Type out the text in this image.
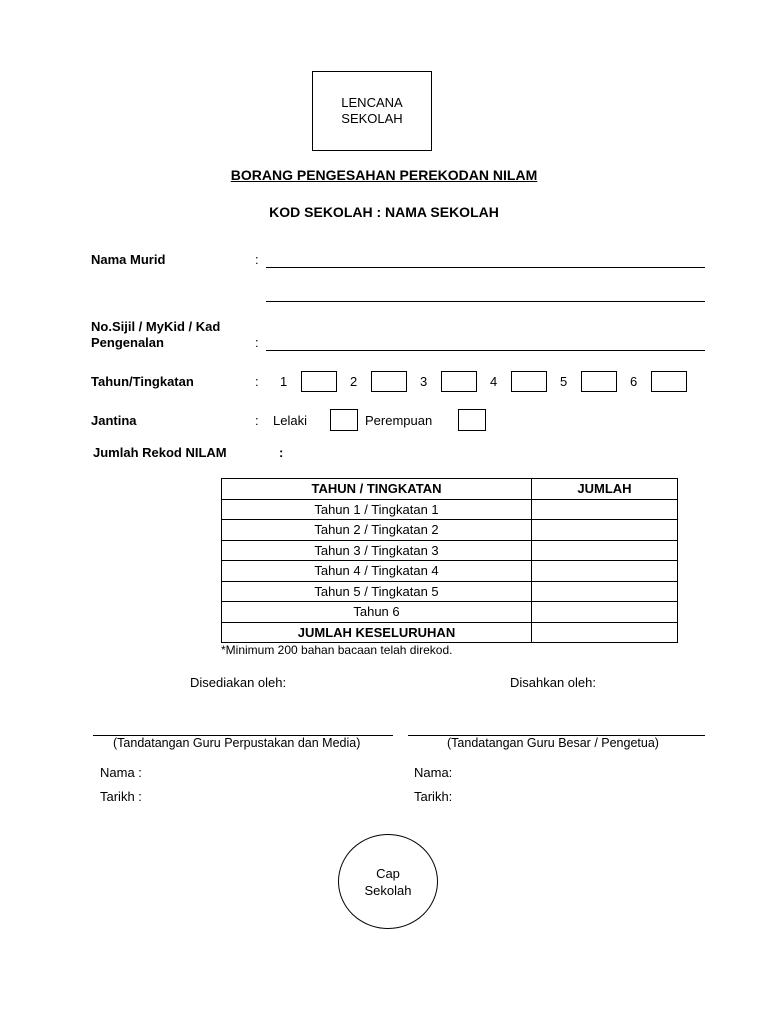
LENCANA
SEKOLAH
BORANG PENGESAHAN PEREKODAN NILAM
KOD SEKOLAH : NAMA SEKOLAH
Nama Murid	:
No.Sijil / MyKid / Kad
Pengenalan	:
Tahun/Tingkatan	: 1	2	3	4	5	6
Jantina	: Lelaki	Perempuan
Jumlah Rekod NILAM	:
TAHUN / TINGKATAN	JUMLAH
Tahun 1 / Tingkatan 1	
Tahun 2 / Tingkatan 2	
Tahun 3 / Tingkatan 3	
Tahun 4 / Tingkatan 4	
Tahun 5 / Tingkatan 5	
Tahun 6	
JUMLAH KESELURUHAN	
*Minimum 200 bahan bacaan telah direkod.
Disediakan oleh:	Disahkan oleh:
(Tandatangan Guru Perpustakan dan Media)	(Tandatangan Guru Besar / Pengetua)
Nama :
Tarikh :
Nama:
Tarikh:
Cap
Sekolah
